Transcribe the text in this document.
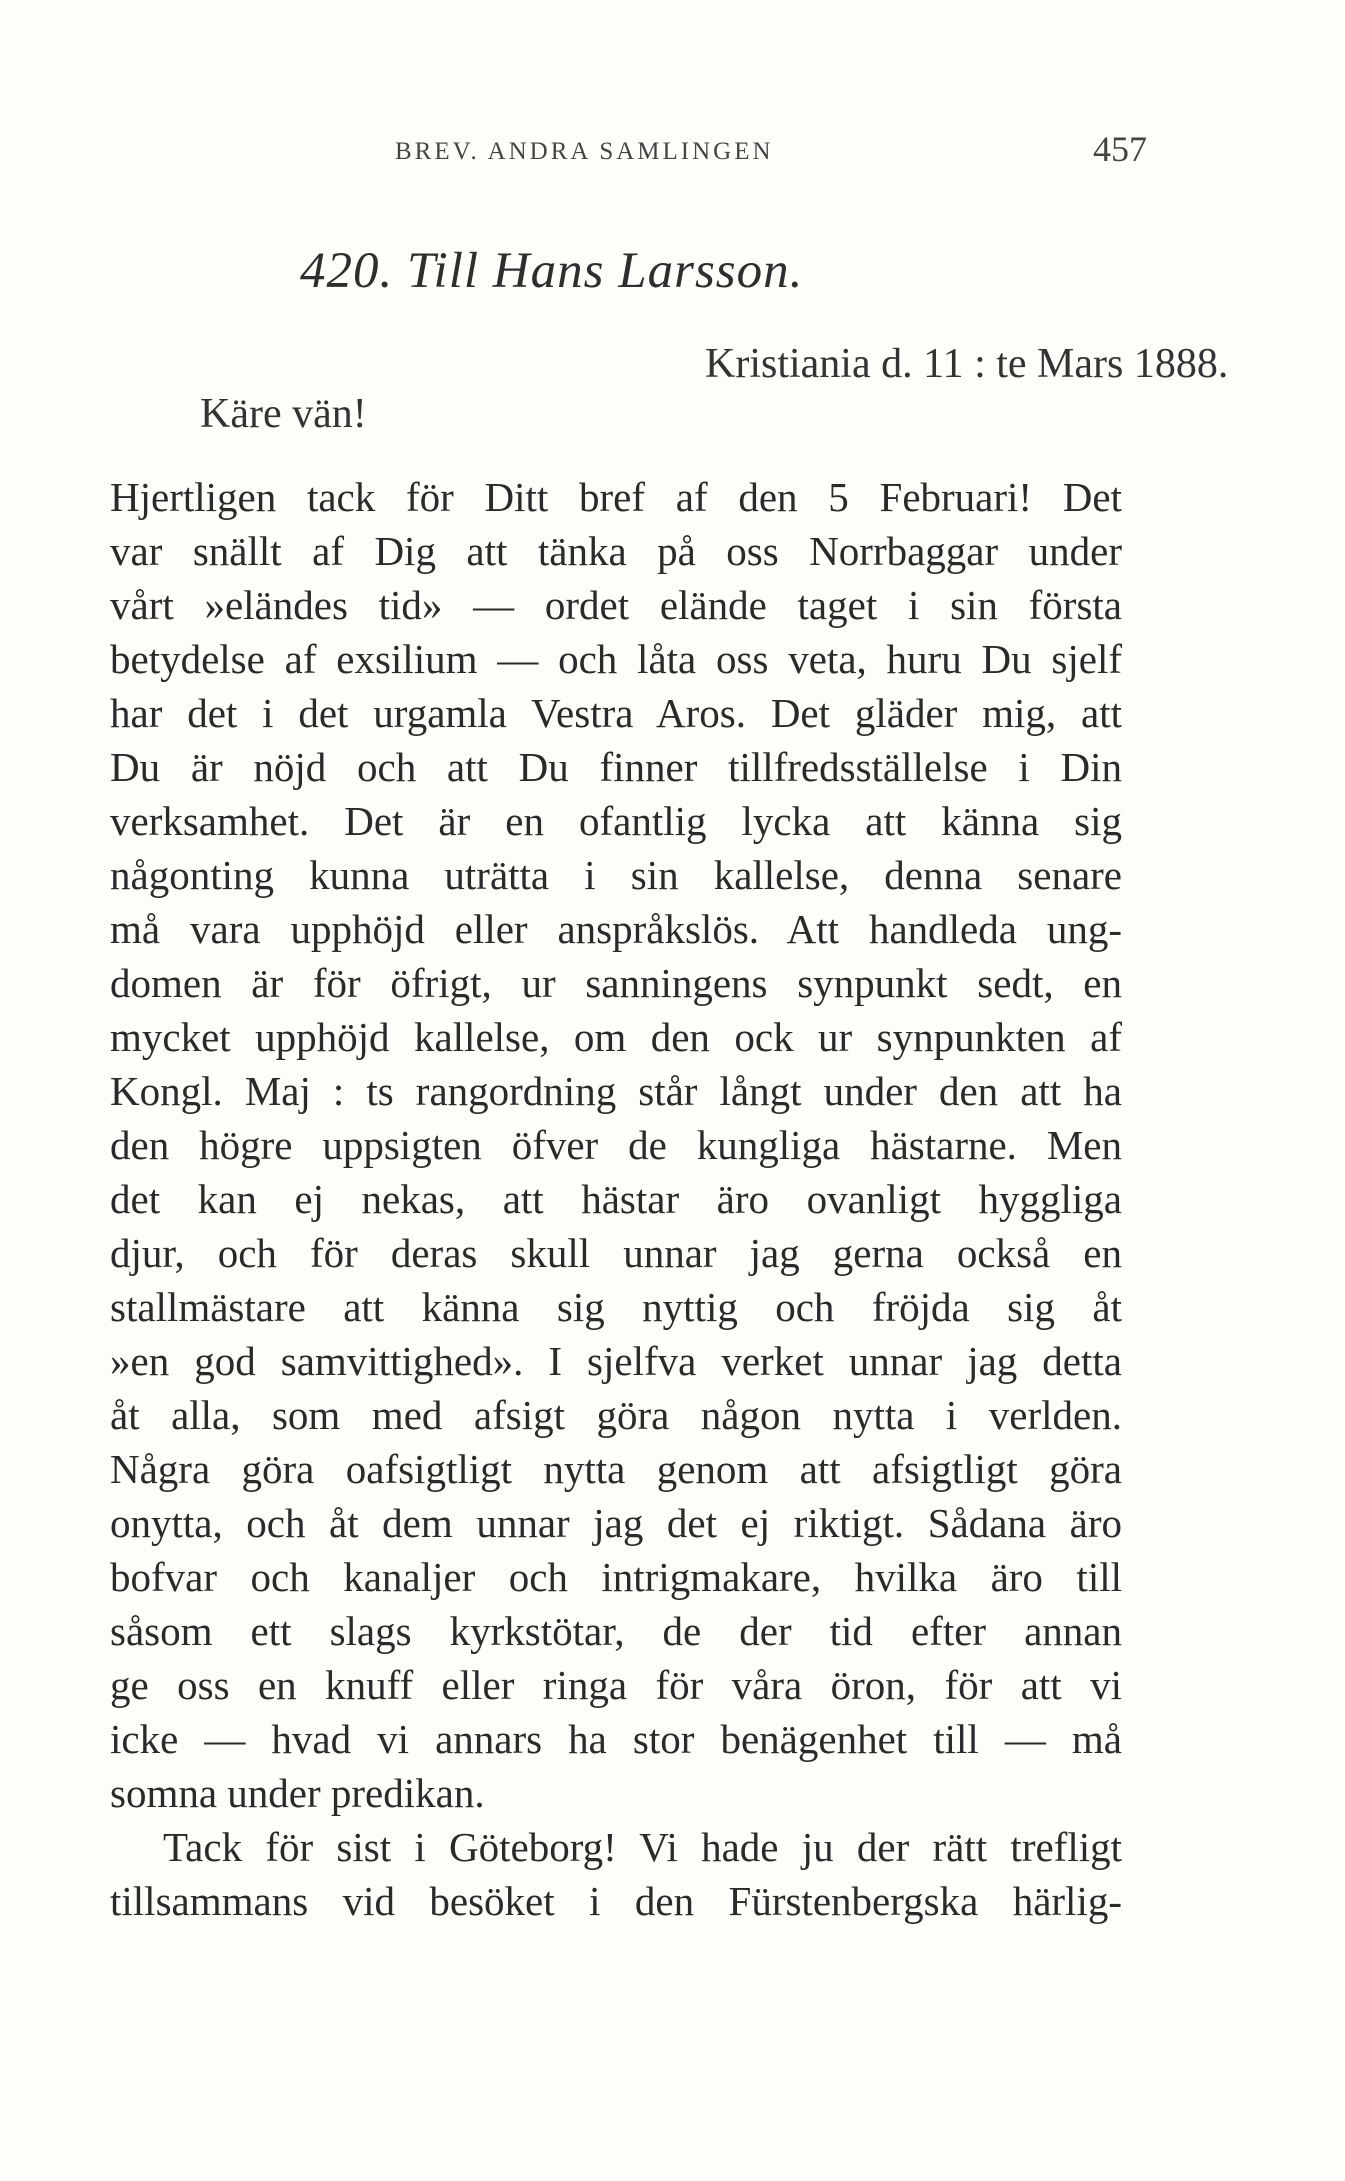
BREV. ANDRA SAMLINGEN	457
420. Till Hans Larsson.
Kristiania d. 11 : te Mars 1888.
Käre vän!
Hjertligen tack för Ditt bref af den 5 Februari! Det
var snällt af Dig att tänka på oss Norrbaggar under
vårt »eländes tid» — ordet elände taget i sin första
betydelse af exsilium — och låta oss veta, huru Du sjelf
har det i det urgamla Vestra Aros. Det gläder mig, att
Du är nöjd och att Du finner tillfredsställelse i Din
verksamhet. Det är en ofantlig lycka att känna sig
någonting kunna uträtta i sin kallelse, denna senare
må vara upphöjd eller anspråkslös. Att handleda ung-
domen är för öfrigt, ur sanningens synpunkt sedt, en
mycket upphöjd kallelse, om den ock ur synpunkten af
Kongl. Maj : ts rangordning står långt under den att ha
den högre uppsigten öfver de kungliga hästarne. Men
det kan ej nekas, att hästar äro ovanligt hyggliga
djur, och för deras skull unnar jag gerna också en
stallmästare att känna sig nyttig och fröjda sig åt
»en god samvittighed». I sjelfva verket unnar jag detta
åt alla, som med afsigt göra någon nytta i verlden.
Några göra oafsigtligt nytta genom att afsigtligt göra
onytta, och åt dem unnar jag det ej riktigt. Sådana äro
bofvar och kanaljer och intrigmakare, hvilka äro till
såsom ett slags kyrkstötar, de der tid efter annan
ge oss en knuff eller ringa för våra öron, för att vi
icke — hvad vi annars ha stor benägenhet till — må
somna under predikan.
Tack för sist i Göteborg! Vi hade ju der rätt trefligt
tillsammans vid besöket i den Fürstenbergska härlig-
